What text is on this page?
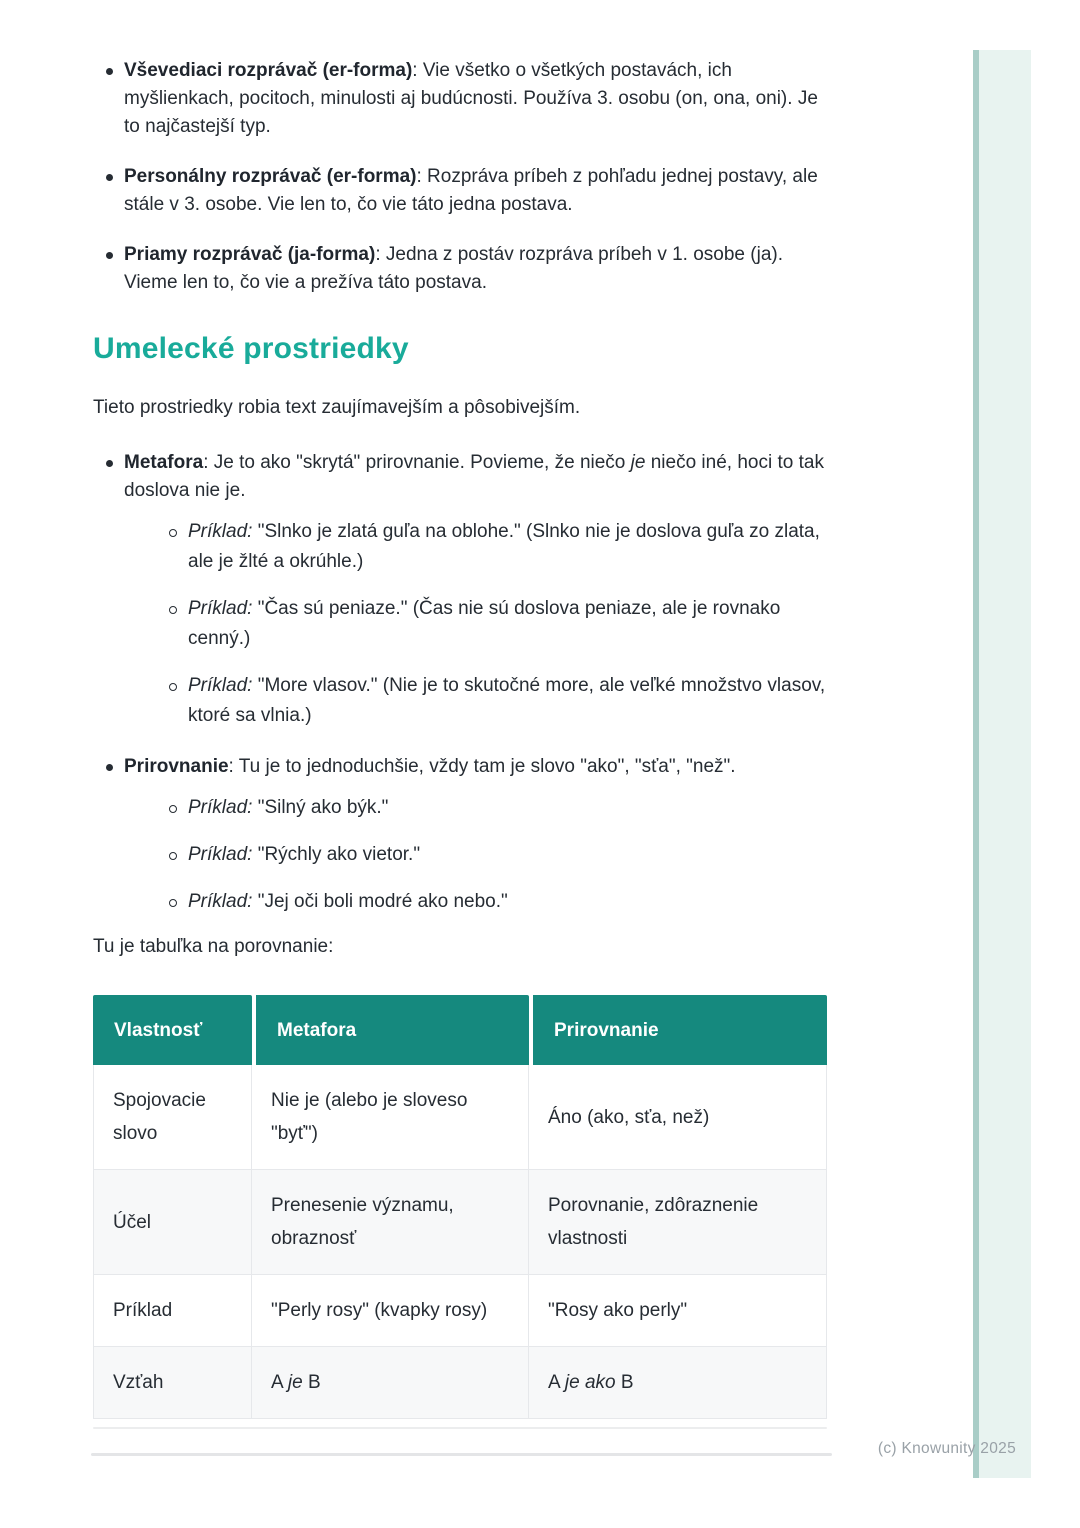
Vševediaci rozprávač (er-forma): Vie všetko o všetkých postavách, ich myšlienkach, pocitoch, minulosti aj budúcnosti. Používa 3. osobu (on, ona, oni). Je to najčastejší typ.
Personálny rozprávač (er-forma): Rozpráva príbeh z pohľadu jednej postavy, ale stále v 3. osobe. Vie len to, čo vie táto jedna postava.
Priamy rozprávač (ja-forma): Jedna z postáv rozpráva príbeh v 1. osobe (ja). Vieme len to, čo vie a prežíva táto postava.
Umelecké prostriedky

Tieto prostriedky robia text zaujímavejším a pôsobivejším.

Metafora: Je to ako "skrytá" prirovnanie. Povieme, že niečo je niečo iné, hoci to tak doslova nie je.
Príklad: "Slnko je zlatá guľa na oblohe." (Slnko nie je doslova guľa zo zlata, ale je žlté a okrúhle.)
Príklad: "Čas sú peniaze." (Čas nie sú doslova peniaze, ale je rovnako cenný.)
Príklad: "More vlasov." (Nie je to skutočné more, ale veľké množstvo vlasov, ktoré sa vlnia.)
Prirovnanie: Tu je to jednoduchšie, vždy tam je slovo "ako", "sťa", "než".
Príklad: "Silný ako býk."
Príklad: "Rýchly ako vietor."
Príklad: "Jej oči boli modré ako nebo."

Tu je tabuľka na porovnanie:

Vlastnosť	Metafora	Prirovnanie
Spojovacie slovo	Nie je (alebo je sloveso "byť")	Áno (ako, sťa, než)
Účel	Prenesenie významu, obraznosť	Porovnanie, zdôraznenie vlastnosti
Príklad	"Perly rosy" (kvapky rosy)	"Rosy ako perly"
Vzťah	A je B	A je ako B
(c) Knowunity 2025
